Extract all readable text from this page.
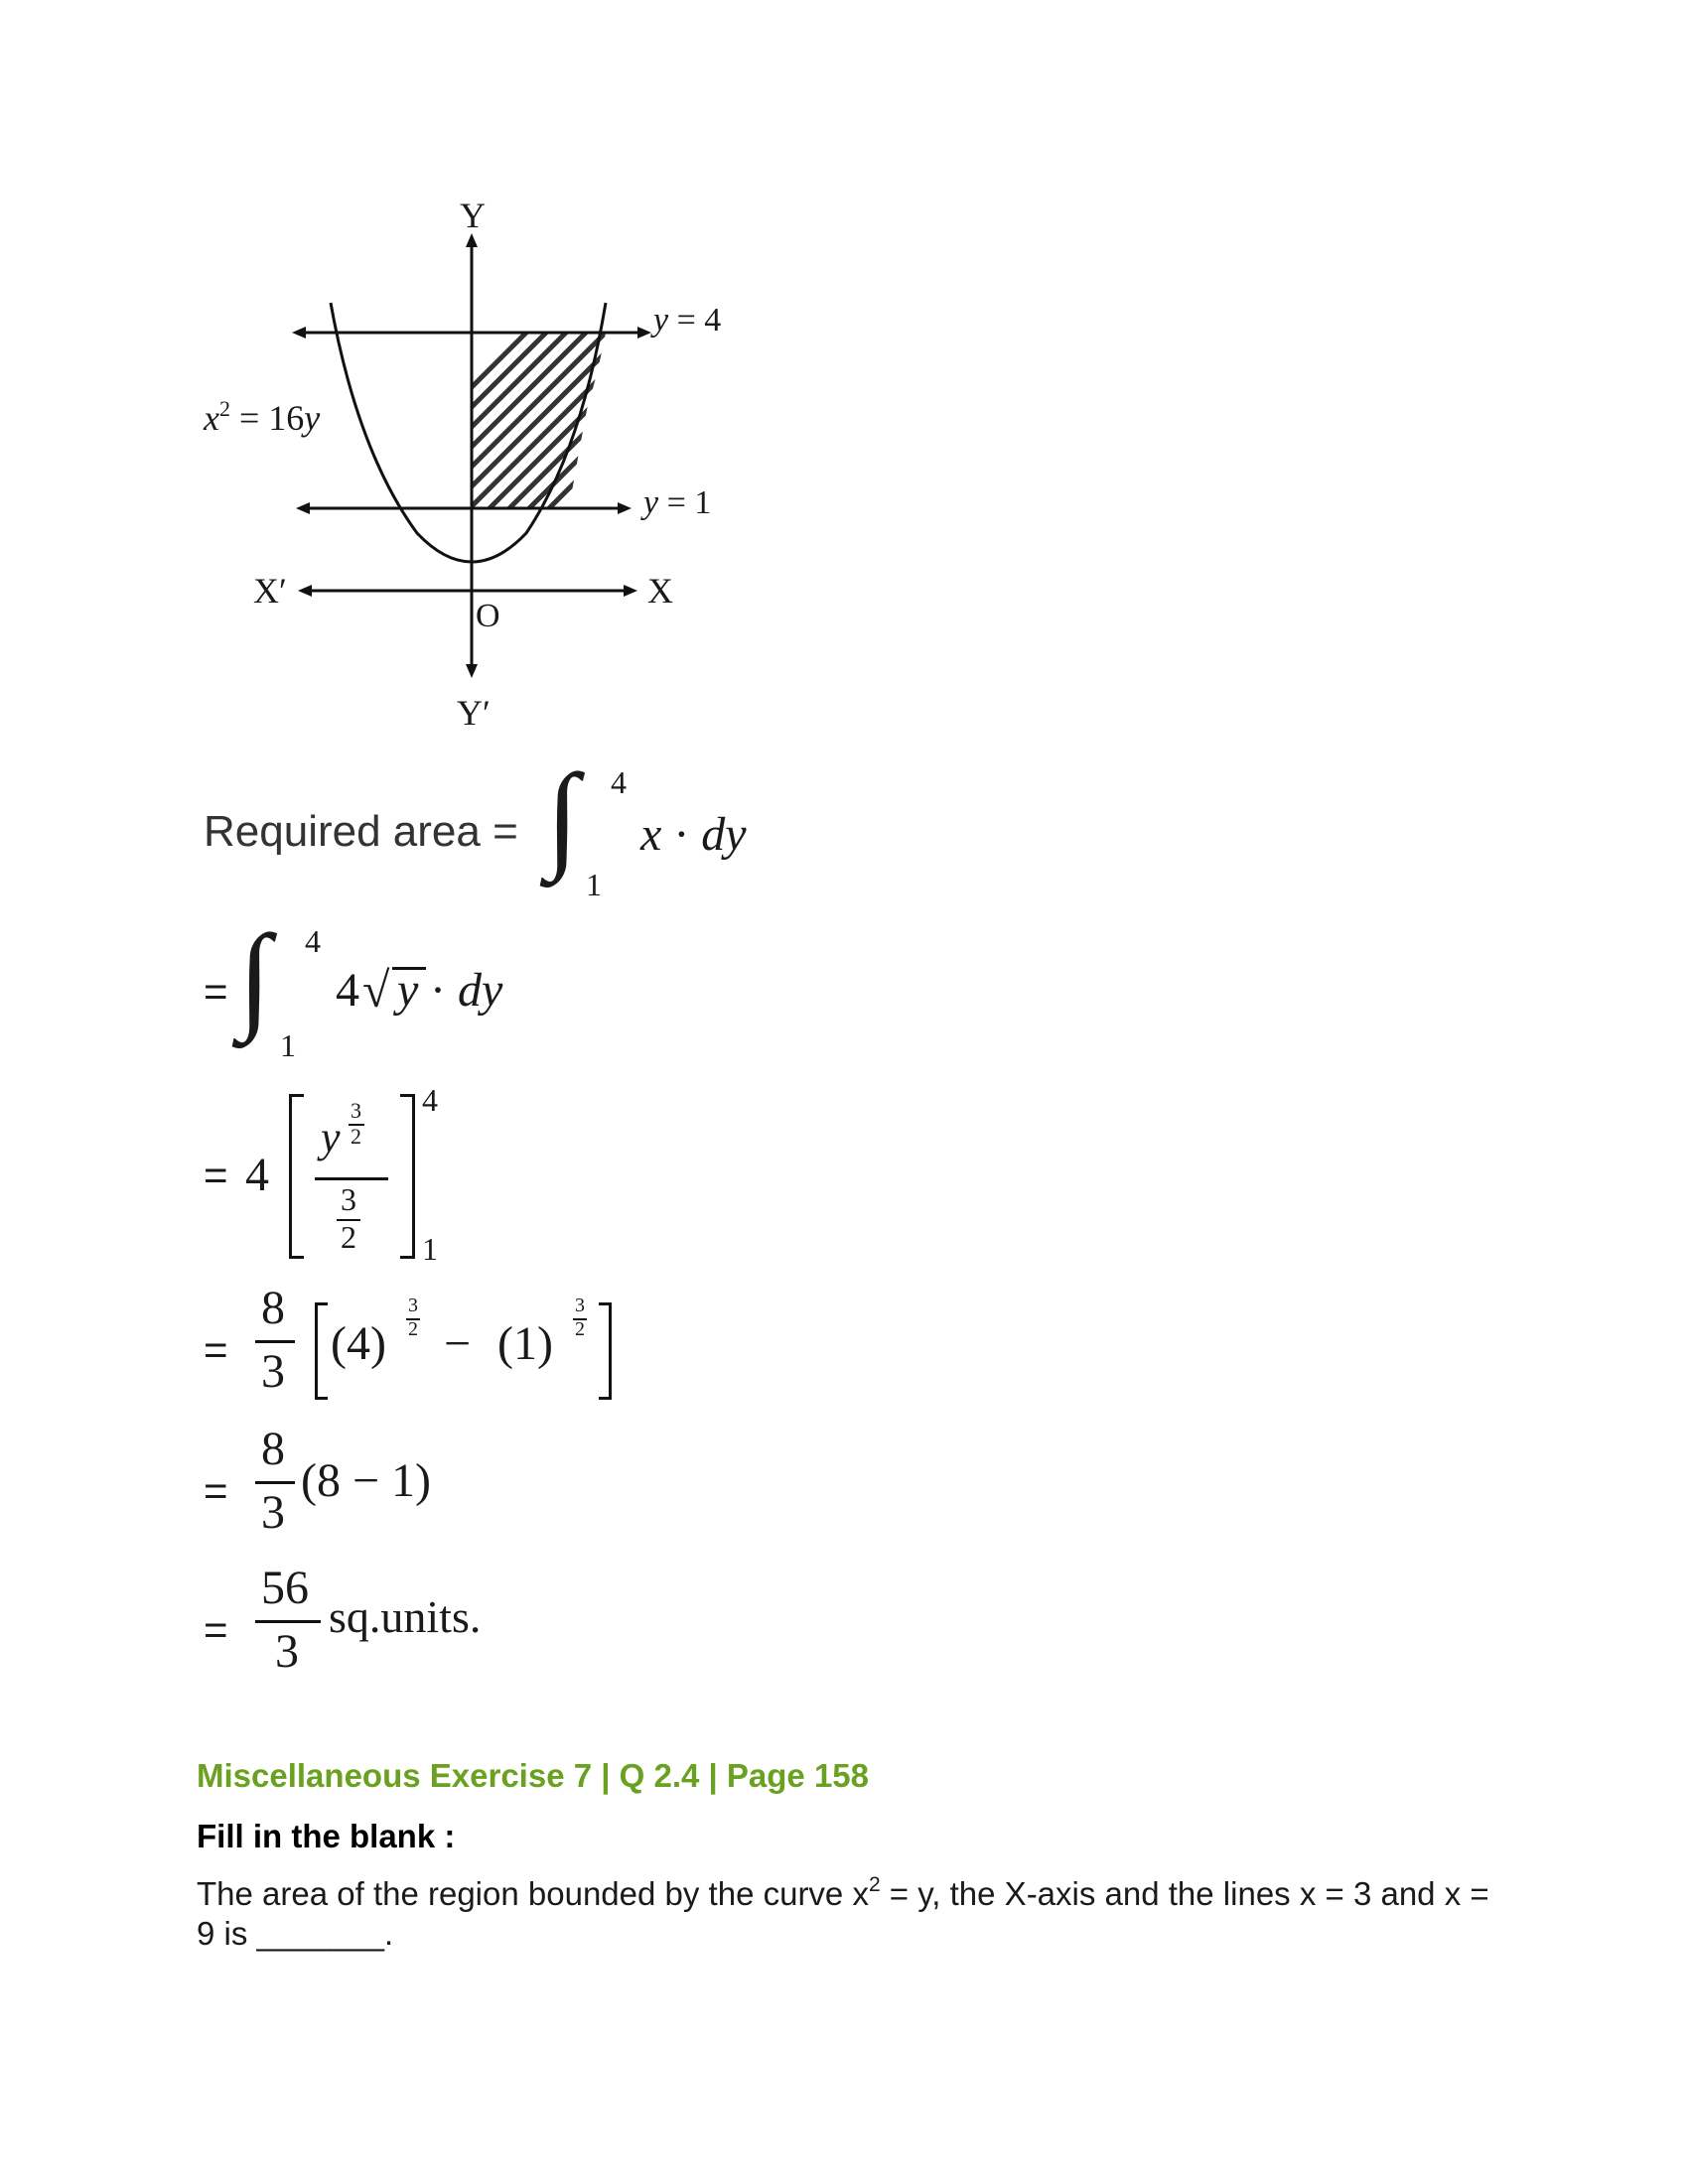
Y
Y′
X
X′
O
$x^2 = 16y$
y = 4
y = 1
Required area = ∫ 4
1
x · dy
= ∫ 4
1
4 √ y · dy
= 4
y
3
2
3
2
4
1
=
8
3
(4)
3
2 − (1)
3
2
=
8
3
(8 − 1)
=
56
3
sq.units.
Miscellaneous Exercise 7 | Q 2.4 | Page 158
Fill in the blank :
The area of the region bounded by the curve $x^2 = y$, the X-axis and the lines x = 3 and x = 9 is _______.
